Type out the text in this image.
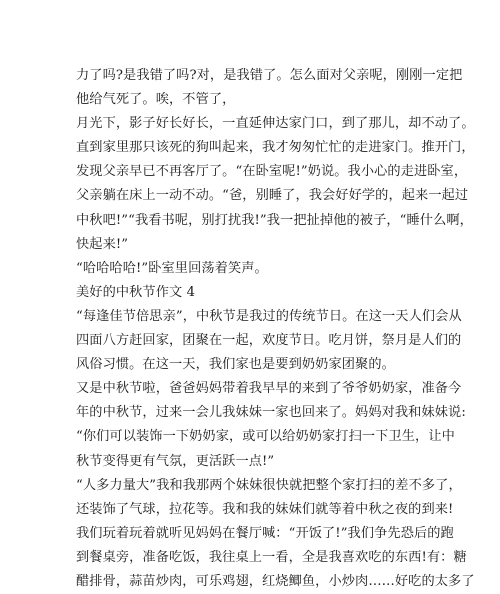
力了吗?是我错了吗?对，是我错了。怎么面对父亲呢，刚刚一定把
他给气死了。唉，不管了，
月光下，影子好长好长，一直延伸达家门口，到了那儿，却不动了。
直到家里那只该死的狗叫起来，我才匆匆忙忙的走进家门。推开门，
发现父亲早已不再客厅了。“在卧室呢!”奶说。我小心的走进卧室，
父亲躺在床上一动不动。“爸，别睡了，我会好好学的，起来一起过
中秋吧!”“我看书呢，别打扰我!”我一把扯掉他的被子，“睡什么啊，
快起来!”
“哈哈哈哈!”卧室里回荡着笑声。
美好的中秋节作文 4
“每逢佳节倍思亲”，中秋节是我过的传统节日。在这一天人们会从
四面八方赶回家，团聚在一起，欢度节日。吃月饼，祭月是人们的
风俗习惯。在这一天，我们家也是要到奶奶家团聚的。
又是中秋节啦，爸爸妈妈带着我早早的来到了爷爷奶奶家，准备今
年的中秋节，过来一会儿我妹妹一家也回来了。妈妈对我和妹妹说:
“你们可以装饰一下奶奶家，或可以给奶奶家打扫一下卫生，让中
秋节变得更有气氛，更活跃一点!”
“人多力量大”我和我那两个妹妹很快就把整个家打扫的差不多了，
还装饰了气球，拉花等。我和我的妹妹们就等着中秋之夜的到来!
我们玩着玩着就听见妈妈在餐厅喊：“开饭了!”我们争先恐后的跑
到餐桌旁，准备吃饭，我往桌上一看，全是我喜欢吃的东西!有：糖
醋排骨，蒜苗炒肉，可乐鸡翅，红烧鲫鱼，小炒肉……好吃的太多了
